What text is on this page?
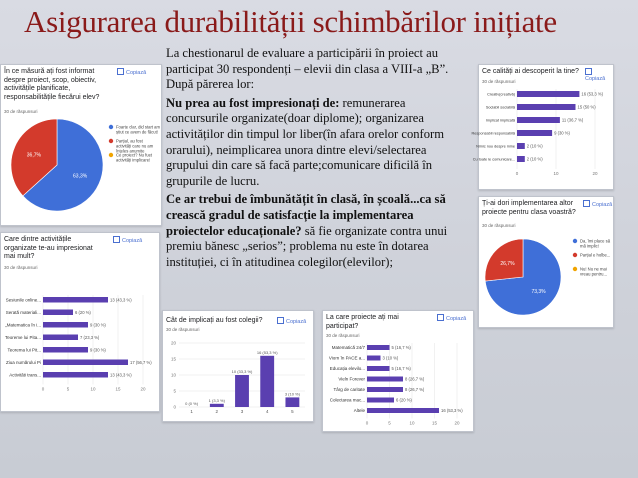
Asigurarea durabilității schimbărilor inițiate

La chestionarul de evaluare a participării în proiect au participat 30 respondenți – elevii din clasa a VIII-a „B”. După părerea lor:

Nu prea au fost impresionați de: remunerarea concursurile organizate(doar diplome); organizarea activităților din timpul lor liber(în afara orelor conform orarului), neimplicarea unora dintre elevi/selectarea grupului din care să facă parte;comunicare dificilă în grupurile de lucru.

Ce ar trebui de îmbunătățit în clasă, în școală...ca să crească gradul de satisfacție la implementarea proiectelor educaționale? să fie organizate contra unui premiu bănesc „serios”; problema nu este în dotarea instituției, ci în atitudinea colegilor(elevilor);

În ce măsură ați fost informat despre proiect, scop, obiectiv, activitățile planificate, responsabilitățile fiecărui elev?
Copiază
30 de răspunsuri
63,3%
36,7%
Foarte clar, did start am
știut ce avem de făcut!
Parțial, au fost
activități care nu am
înțeles anumite
Ce proiect? Nu fuet
activități implicare!
Ce calități ai descoperit la tine?
Copiază
30 de răspunsuri
0	10	20
Creativ(creativă)	16 (53,3 %)
Sociabil sociabilă	15 (50 %)
Implicat implicată	11 (36,7 %)
Responsabil responsabilă	9 (30 %)
Nimic nou despre mine	2 (10 %)
Cu toate le comunicare...	2 (10 %)
Ți-ai dori implementarea altor proiecte pentru clasa voastră?
Copiază
30 de răspunsuri
73,3%
26,7%
Da, îmi place să
mă implic!
Parțial e holbe...
Nu! Nu ne mai
vreau pentru...
Care dintre activitățile organizate te-au impresionat mai mult?
Copiază
30 de răspunsuri
0	5	10	15	20
Sesiunile online...	13 (43,3 %)
Serată materiali...	6 (20 %)
„Matematica în i...	9 (30 %)
Teoreme lui Pita...	7 (23,3 %)
Teorema lui Pit...	9 (30 %)
Ziua numărului Pi	17 (56,7 %)
Activităti trans...	13 (43,3 %)
Cât de implicați au fost colegii?	Copiază
30 de răspunsuri
0
5
10
15
20
0 (0 %)
1
1 (3,3 %)
2
10 (33,3 %)
3
16 (53,3 %)
4
3 (10 %)
5
La care proiecte ați mai participat?
Copiază
30 de răspunsuri
0	5	10	15	20
Matematică 24/7	5 (16,7 %)
Viorn în PACE a...	3 (10 %)
Educația elevilo...	5 (16,7 %)
Vieln Forever	8 (26,7 %)
Târg de caritate	8 (26,7 %)
Colectarea mac...	6 (20 %)
Altele	16 (53,3 %)
